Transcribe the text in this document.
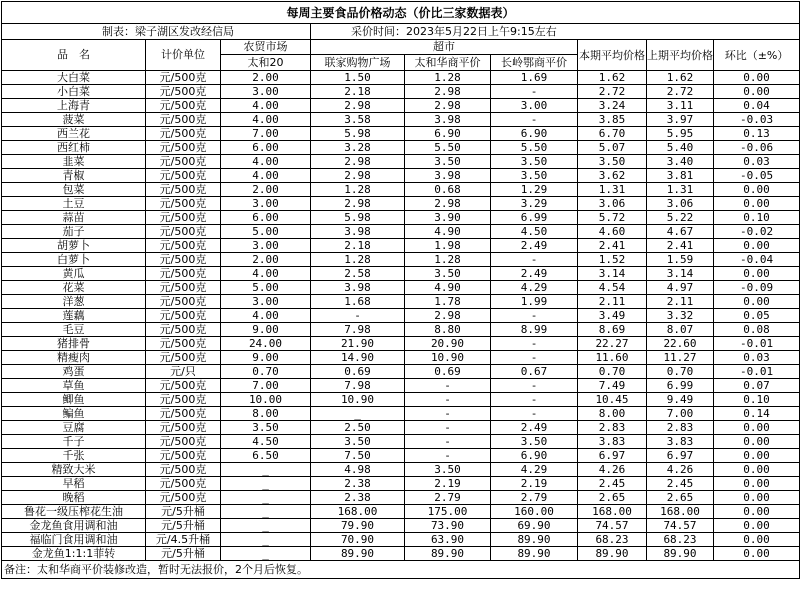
每周主要食品价格动态（价比三家数据表）								
制表：梁子湖区发改经信局			采价时间：2023年5月22日上午9:15左右					
品　名	计价单位	农贸市场	超市			本期平均价格	上期平均价格	环比（±%）
		太和20	联家购物广场	太和华商平价	长岭鄂商平价			
大白菜	元/500克	2.00	1.50	1.28	1.69	1.62	1.62	0.00
小白菜	元/500克	3.00	2.18	2.98	-	2.72	2.72	0.00
上海青	元/500克	4.00	2.98	2.98	3.00	3.24	3.11	0.04
菠菜	元/500克	4.00	3.58	3.98	-	3.85	3.97	-0.03
西兰花	元/500克	7.00	5.98	6.90	6.90	6.70	5.95	0.13
西红柿	元/500克	6.00	3.28	5.50	5.50	5.07	5.40	-0.06
韭菜	元/500克	4.00	2.98	3.50	3.50	3.50	3.40	0.03
青椒	元/500克	4.00	2.98	3.98	3.50	3.62	3.81	-0.05
包菜	元/500克	2.00	1.28	0.68	1.29	1.31	1.31	0.00
土豆	元/500克	3.00	2.98	2.98	3.29	3.06	3.06	0.00
蒜苗	元/500克	6.00	5.98	3.90	6.99	5.72	5.22	0.10
茄子	元/500克	5.00	3.98	4.90	4.50	4.60	4.67	-0.02
胡萝卜	元/500克	3.00	2.18	1.98	2.49	2.41	2.41	0.00
白萝卜	元/500克	2.00	1.28	1.28	-	1.52	1.59	-0.04
黄瓜	元/500克	4.00	2.58	3.50	2.49	3.14	3.14	0.00
花菜	元/500克	5.00	3.98	4.90	4.29	4.54	4.97	-0.09
洋葱	元/500克	3.00	1.68	1.78	1.99	2.11	2.11	0.00
莲藕	元/500克	4.00	-	2.98	-	3.49	3.32	0.05
毛豆	元/500克	9.00	7.98	8.80	8.99	8.69	8.07	0.08
猪排骨	元/500克	24.00	21.90	20.90	-	22.27	22.60	-0.01
精瘦肉	元/500克	9.00	14.90	10.90	-	11.60	11.27	0.03
鸡蛋	元/只	0.70	0.69	0.69	0.67	0.70	0.70	-0.01
草鱼	元/500克	7.00	7.98	-	-	7.49	6.99	0.07
鲫鱼	元/500克	10.00	10.90	-	-	10.45	9.49	0.10
鳊鱼	元/500克	8.00	_	-	-	8.00	7.00	0.14
豆腐	元/500克	3.50	2.50	-	2.49	2.83	2.83	0.00
千子	元/500克	4.50	3.50	-	3.50	3.83	3.83	0.00
千张	元/500克	6.50	7.50	-	6.90	6.97	6.97	0.00
精致大米	元/500克	_	4.98	3.50	4.29	4.26	4.26	0.00
早稻	元/500克	_	2.38	2.19	2.19	2.45	2.45	0.00
晚稻	元/500克	_	2.38	2.79	2.79	2.65	2.65	0.00
鲁花一级压榨花生油	元/5升桶	_	168.00	175.00	160.00	168.00	168.00	0.00
金龙鱼食用调和油	元/5升桶	_	79.90	73.90	69.90	74.57	74.57	0.00
福临门食用调和油	元/4.5升桶	_	70.90	63.90	89.90	68.23	68.23	0.00
金龙鱼1:1:1菲转	元/5升桶	_	89.90	89.90	89.90	89.90	89.90	0.00
备注：太和华商平价装修改造，暂时无法报价，2个月后恢复。								
